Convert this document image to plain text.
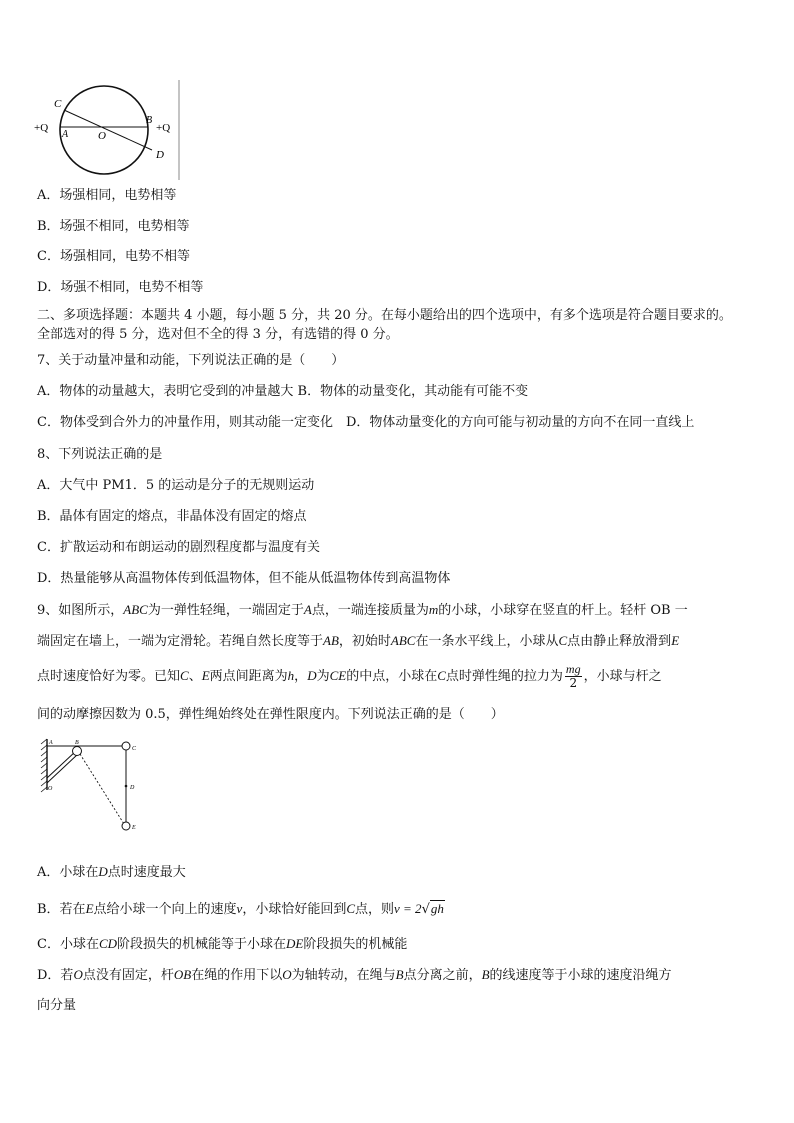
C
+Q
A	O
B
+Q
D
A．场强相同，电势相等
B．场强不相同，电势相等
C．场强相同，电势不相等
D．场强不相同，电势不相等
二、多项选择题：本题共 4 小题，每小题 5 分，共 20 分。在每小题给出的四个选项中，有多个选项是符合题目要求的。
全部选对的得 5 分，选对但不全的得 3 分，有选错的得 0 分。
7、关于动量冲量和动能，下列说法正确的是（　　）
A．物体的动量越大，表明它受到的冲量越大 B．物体的动量变化，其动能有可能不变
C．物体受到合外力的冲量作用，则其动能一定变化　D．物体动量变化的方向可能与初动量的方向不在同一直线上
8、下列说法正确的是
A．大气中 PM1．5 的运动是分子的无规则运动
B．晶体有固定的熔点，非晶体没有固定的熔点
C．扩散运动和布朗运动的剧烈程度都与温度有关
D．热量能够从高温物体传到低温物体，但不能从低温物体传到高温物体
9、如图所示，ABC为一弹性轻绳，一端固定于A点，一端连接质量为m的小球，小球穿在竖直的杆上。轻杆 OB 一
端固定在墙上，一端为定滑轮。若绳自然长度等于AB，初始时ABC在一条水平线上，小球从C点由静止释放滑到E
点时速度恰好为零。已知C、E两点间距离为h，D为CE的中点，小球在C点时弹性绳的拉力为 $\frac{mg}{2}$ ，小球与杆之
间的动摩擦因数为 0.5，弹性绳始终处在弹性限度内。下列说法正确的是（　　）
A	B
C
D
E
O
A．小球在D点时速度最大
B．若在E点给小球一个向上的速度v，小球恰好能回到C点，则v = 2√gh
C．小球在CD阶段损失的机械能等于小球在DE阶段损失的机械能
D．若O点没有固定，杆OB在绳的作用下以O为轴转动，在绳与B点分离之前，B的线速度等于小球的速度沿绳方
向分量
